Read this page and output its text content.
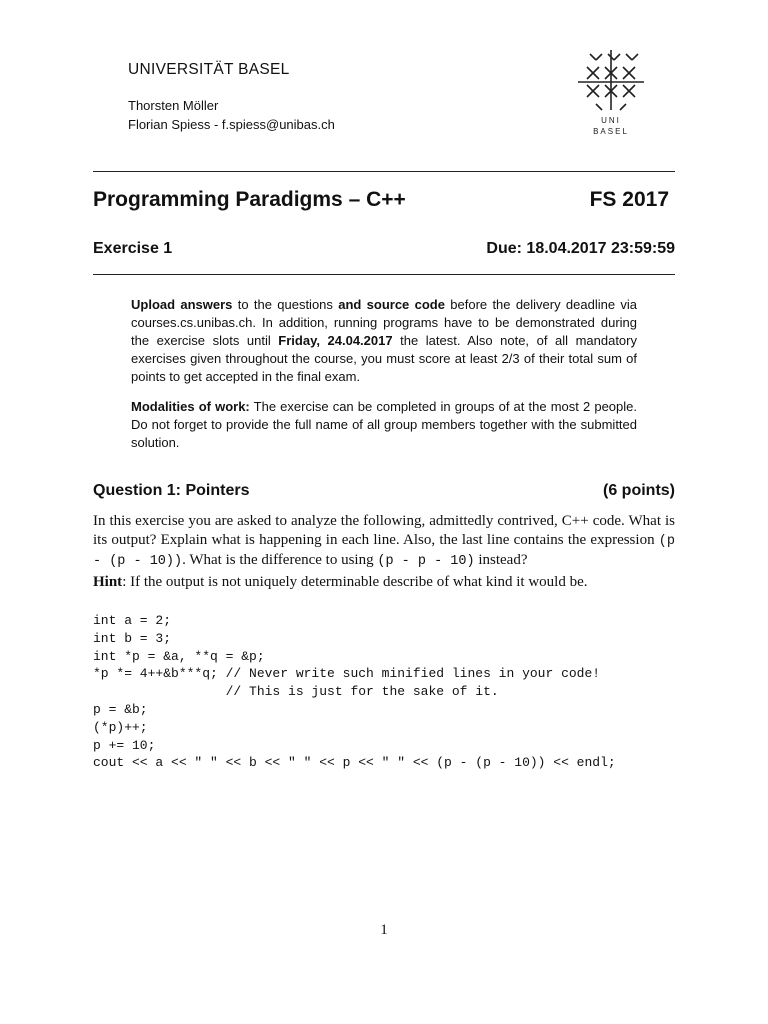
UNIVERSITÄT BASEL
Thorsten Möller
Florian Spiess - f.spiess@unibas.ch	UNI
BASEL
Programming Paradigms – C++	FS 2017
Exercise 1	Due: 18.04.2017 23:59:59
Upload answers to the questions and source code before the delivery deadline via courses.cs.unibas.ch. In addition, running programs have to be demonstrated during the exercise slots until Friday, 24.04.2017 the latest. Also note, of all mandatory exercises given throughout the course, you must score at least 2/3 of their total sum of points to get accepted in the final exam.
Modalities of work: The exercise can be completed in groups of at the most 2 people. Do not forget to provide the full name of all group members together with the submitted solution.
Question 1: Pointers	(6 points)
In this exercise you are asked to analyze the following, admittedly contrived, C++ code. What is its output? Explain what is happening in each line. Also, the last line contains the expression (p - (p - 10)). What is the difference to using (p - p - 10) instead?
Hint: If the output is not uniquely determinable describe of what kind it would be.
int a = 2;
int b = 3;
int *p = &a, **q = &p;
*p *= 4++&b***q; // Never write such minified lines in your code!
// This is just for the sake of it.
p = &b;
(*p)++;
p += 10;
cout << a << " " << b << " " << p << " " << (p - (p - 10)) << endl;
1
